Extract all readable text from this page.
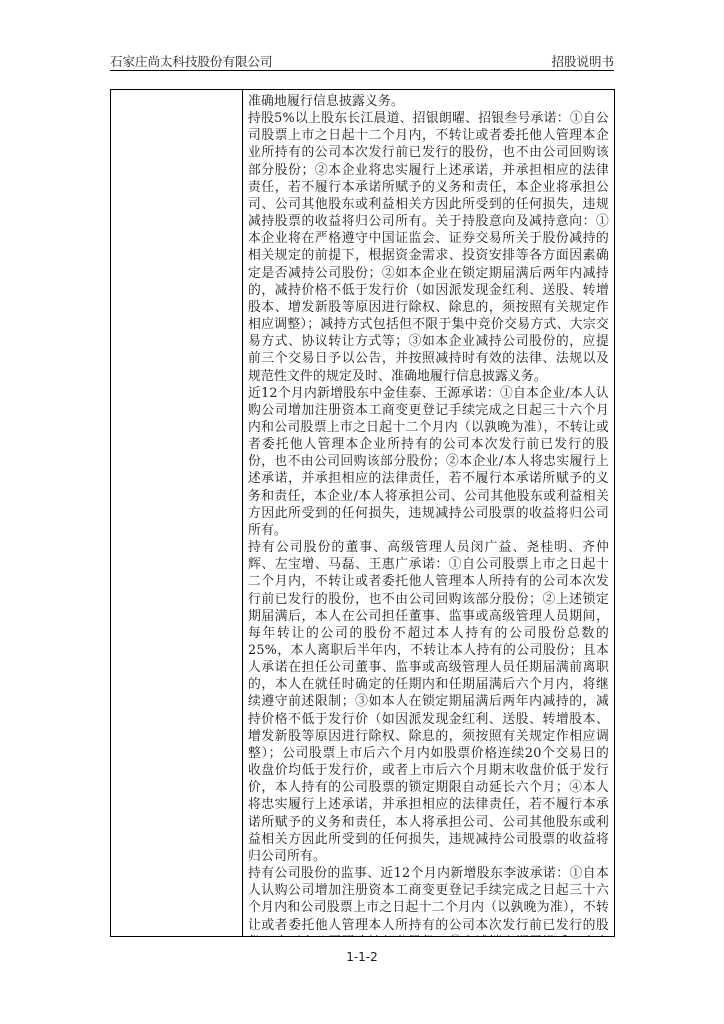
石家庄尚太科技股份有限公司	招股说明书

准确地履行信息披露义务。

持股5%以上股东长江晨道、招银朗曜、招银叁号承诺：①自公司股票上市之日起十二个月内，不转让或者委托他人管理本企业所持有的公司本次发行前已发行的股份，也不由公司回购该部分股份；②本企业将忠实履行上述承诺，并承担相应的法律责任，若不履行本承诺所赋予的义务和责任，本企业将承担公司、公司其他股东或利益相关方因此所受到的任何损失，违规减持股票的收益将归公司所有。关于持股意向及减持意向：①本企业将在严格遵守中国证监会、证券交易所关于股份减持的相关规定的前提下，根据资金需求、投资安排等各方面因素确定是否减持公司股份；②如本企业在锁定期届满后两年内减持的，减持价格不低于发行价（如因派发现金红利、送股、转增股本、增发新股等原因进行除权、除息的，须按照有关规定作相应调整）；减持方式包括但不限于集中竞价交易方式、大宗交易方式、协议转让方式等；③如本企业减持公司股份的，应提前三个交易日予以公告，并按照减持时有效的法律、法规以及规范性文件的规定及时、准确地履行信息披露义务。

近12个月内新增股东中金佳泰、王源承诺：①自本企业/本人认购公司增加注册资本工商变更登记手续完成之日起三十六个月内和公司股票上市之日起十二个月内（以孰晚为准），不转让或者委托他人管理本企业所持有的公司本次发行前已发行的股份，也不由公司回购该部分股份；②本企业/本人将忠实履行上述承诺，并承担相应的法律责任，若不履行本承诺所赋予的义务和责任，本企业/本人将承担公司、公司其他股东或利益相关方因此所受到的任何损失，违规减持公司股票的收益将归公司所有。

持有公司股份的董事、高级管理人员闵广益、尧桂明、齐仲辉、左宝增、马磊、王惠广承诺：①自公司股票上市之日起十二个月内，不转让或者委托他人管理本人所持有的公司本次发行前已发行的股份，也不由公司回购该部分股份；②上述锁定期届满后，本人在公司担任董事、监事或高级管理人员期间，每年转让的公司的股份不超过本人持有的公司股份总数的25%，本人离职后半年内，不转让本人持有的公司股份；且本人承诺在担任公司董事、监事或高级管理人员任期届满前离职的，本人在就任时确定的任期内和任期届满后六个月内，将继续遵守前述限制；③如本人在锁定期届满后两年内减持的，减持价格不低于发行价（如因派发现金红利、送股、转增股本、增发新股等原因进行除权、除息的，须按照有关规定作相应调整）；公司股票上市后六个月内如股票价格连续20个交易日的收盘价均低于发行价，或者上市后六个月期末收盘价低于发行价，本人持有的公司股票的锁定期限自动延长六个月；④本人将忠实履行上述承诺，并承担相应的法律责任，若不履行本承诺所赋予的义务和责任，本人将承担公司、公司其他股东或利益相关方因此所受到的任何损失，违规减持公司股票的收益将归公司所有。

持有公司股份的监事、近12个月内新增股东李波承诺：①自本人认购公司增加注册资本工商变更登记手续完成之日起三十六个月内和公司股票上市之日起十二个月内（以孰晚为准），不转让或者委托他人管理本人所持有的公司本次发行前已发行的股

1-1-2
